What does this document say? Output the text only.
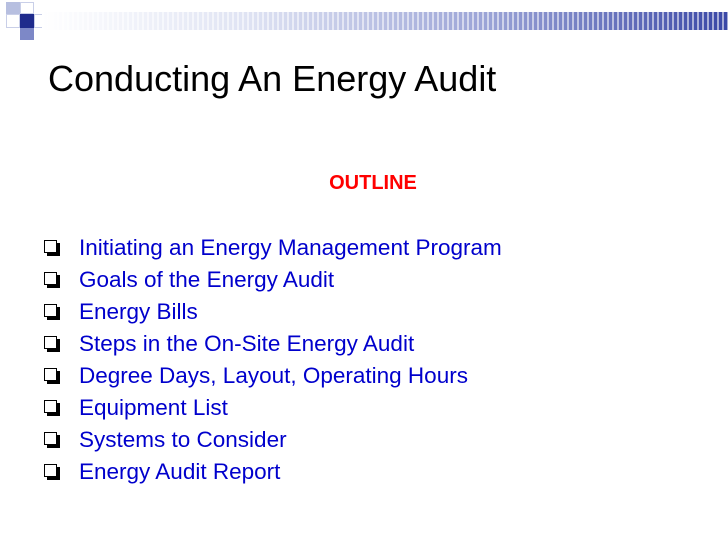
Conducting An Energy Audit
OUTLINE
Initiating an Energy Management Program
Goals of the Energy Audit
Energy Bills
Steps in the On-Site Energy Audit
Degree Days, Layout, Operating Hours
Equipment List
Systems to Consider
Energy Audit Report
